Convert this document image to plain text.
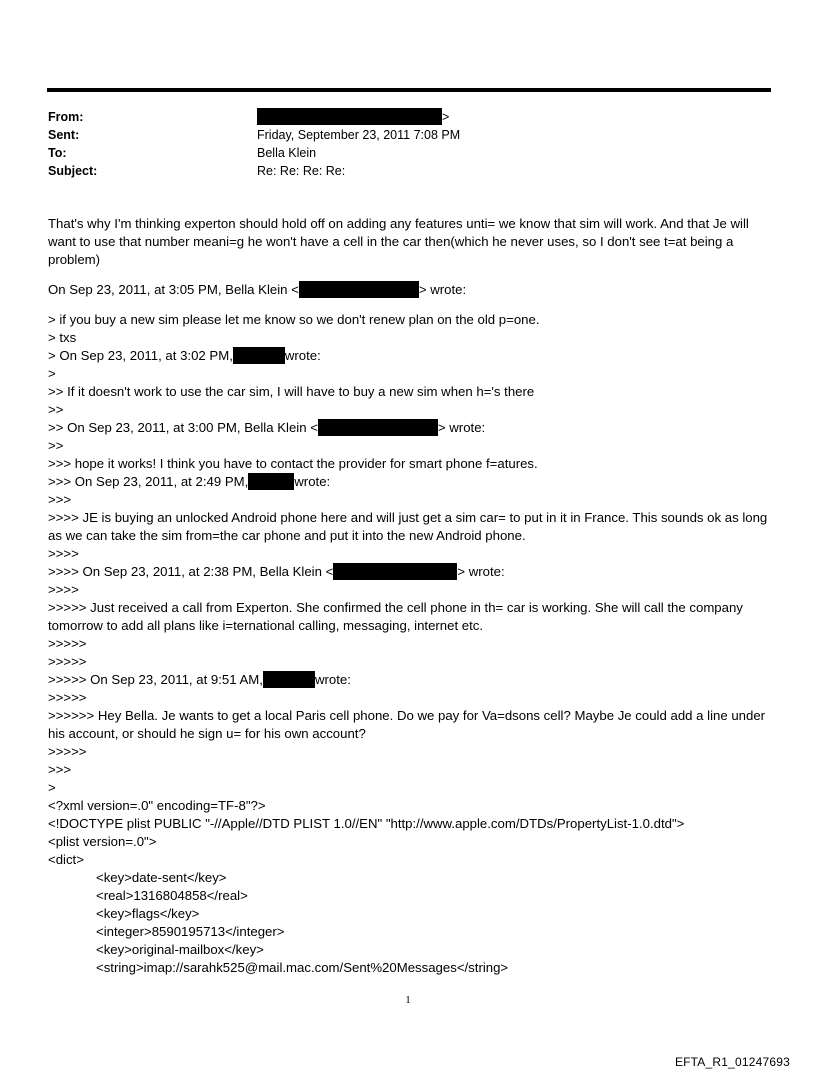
From:	>
Sent:	Friday, September 23, 2011 7:08 PM
To:	Bella Klein
Subject:	Re: Re: Re: Re:
That's why I'm thinking experton should hold off on adding any features unti= we know that sim will work. And that Je will want to use that number meani=g he won't have a cell in the car then(which he never uses, so I don't see t=at being a problem)
On Sep 23, 2011, at 3:05 PM, Bella Klein <	> wrote:
> if you buy a new sim please let me know so we don't renew plan on the old p=one.
> txs
> On Sep 23, 2011, at 3:02 PM,	wrote:
>
>> If it doesn't work to use the car sim, I will have to buy a new sim when h='s there
>>
>> On Sep 23, 2011, at 3:00 PM, Bella Klein <	> wrote:
>>
>>> hope it works! I think you have to contact the provider for smart phone f=atures.
>>> On Sep 23, 2011, at 2:49 PM,	wrote:
>>>
>>>> JE is buying an unlocked Android phone here and will just get a sim car= to put in it in France. This sounds ok as long as we can take the sim from=the car phone and put it into the new Android phone.
>>>>
>>>> On Sep 23, 2011, at 2:38 PM, Bella Klein <	> wrote:
>>>>
>>>>> Just received a call from Experton. She confirmed the cell phone in th= car is working. She will call the company tomorrow to add all plans like i=ternational calling, messaging, internet etc.
>>>>>
>>>>>
>>>>> On Sep 23, 2011, at 9:51 AM,	wrote:
>>>>>
>>>>>> Hey Bella. Je wants to get a local Paris cell phone. Do we pay for Va=dsons cell? Maybe Je could add a line under his account, or should he sign u= for his own account?
>>>>>
>>>
>
<?xml version=.0" encoding=TF-8"?>
<!DOCTYPE plist PUBLIC "-//Apple//DTD PLIST 1.0//EN" "http://www.apple.com/DTDs/PropertyList-1.0.dtd">
<plist version=.0">
<dict>
<key>date-sent</key>
<real>1316804858</real>
<key>flags</key>
<integer>8590195713</integer>
<key>original-mailbox</key>
<string>imap://sarahk525@mail.mac.com/Sent%20Messages</string>
1
EFTA_R1_01247693
